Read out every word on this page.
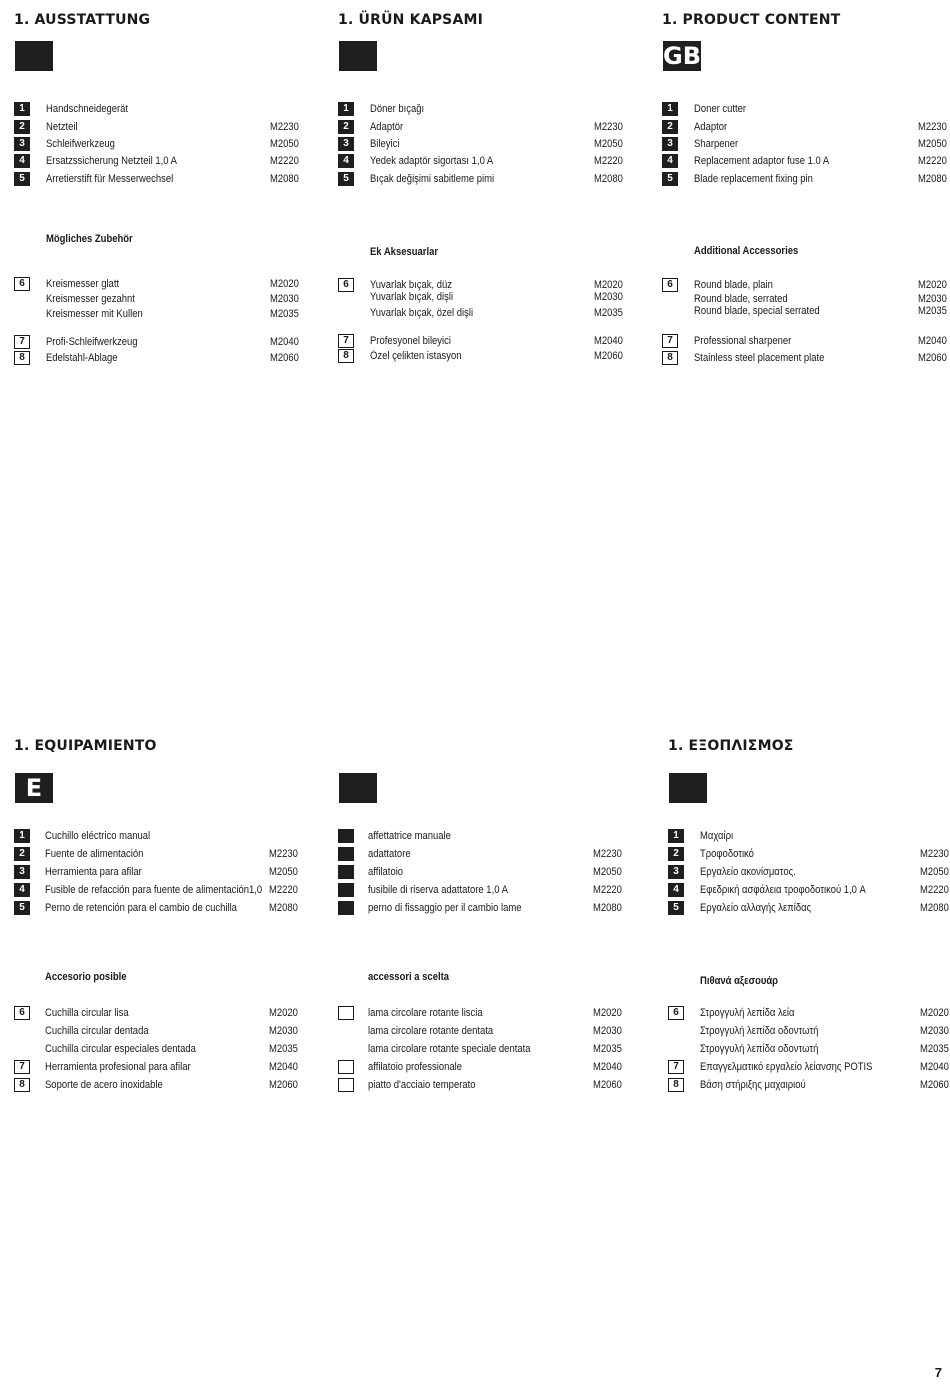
1. AUSSTATTUNG
1	Handschneidegerät
2	Netzteil	M2230
3	Schleifwerkzeug	M2050
4	Ersatzssicherung Netzteil 1,0 A	M2220
5	Arretierstift für Messerwechsel	M2080
Mögliches Zubehör
6	Kreismesser glatt	M2020
Kreismesser gezahnt	M2030
Kreismesser mit Kullen	M2035
7	Profi-Schleifwerkzeug	M2040
8	Edelstahl-Ablage	M2060
1. ÜRÜN KAPSAMI
1	Döner bıçağı
2	Adaptör	M2230
3	Bileyici	M2050
4	Yedek adaptör sigortası 1,0 A	M2220
5	Bıçak değişimi sabitleme pimi	M2080
Ek Aksesuarlar
6	Yuvarlak bıçak, düz	M2020
Yuvarlak bıçak, dişli	M2030
Yuvarlak bıçak, özel dişli	M2035
7	Profesyonel bileyici	M2040
8	Özel çelikten istasyon	M2060
1. PRODUCT CONTENT
GB
1	Doner cutter
2	Adaptor	M2230
3	Sharpener	M2050
4	Replacement adaptor fuse 1.0 A	M2220
5	Blade replacement fixing pin	M2080
Additional Accessories
6	Round blade, plain	M2020
Round blade, serrated	M2030
Round blade, special serrated	M2035
7	Professional sharpener	M2040
8	Stainless steel placement plate	M2060
1. EQUIPAMIENTO
E
1	Cuchillo eléctrico manual
2	Fuente de alimentación	M2230
3	Herramienta para afilar	M2050
4	Fusible de refacción para fuente de alimentación1,0 M2220
5	Perno de retención para el cambio de cuchilla	M2080
Accesorio posible
6	Cuchilla circular lisa	M2020
Cuchilla circular dentada	M2030
Cuchilla circular especiales dentada	M2035
7	Herramienta profesional para afilar	M2040
8	Soporte de acero inoxidable	M2060
affettatrice manuale
adattatore	M2230
affilatoio	M2050
fusibile di riserva adattatore 1,0 A	M2220
perno di fissaggio per il cambio lame	M2080
accessori a scelta
lama circolare rotante liscia	M2020
lama circolare rotante dentata	M2030
lama circolare rotante speciale dentata	M2035
affilatoio professionale	M2040
piatto d'acciaio temperato	M2060
1. ΕΞΟΠΛΙΣΜΟΣ
1	Μαχαίρι
2	Τροφοδοτικό	M2230
3	Εργαλείο ακονίσματος.	M2050
4	Εφεδρική ασφάλεια τροφοδοτικού 1,0 A	M2220
5	Εργαλείο αλλαγής λεπίδας	M2080
Πιθανά αξεσουάρ
6	Στρογγυλή λεπίδα λεία	M2020
Στρογγυλή λεπίδα οδοντωτή	M2030
Στρογγυλή λεπίδα οδοντωτή	M2035
7	Επαγγελματικό εργαλείο λείανσης POTIS	M2040
8	Βάση στήριξης μαχαιριού	M2060
7
